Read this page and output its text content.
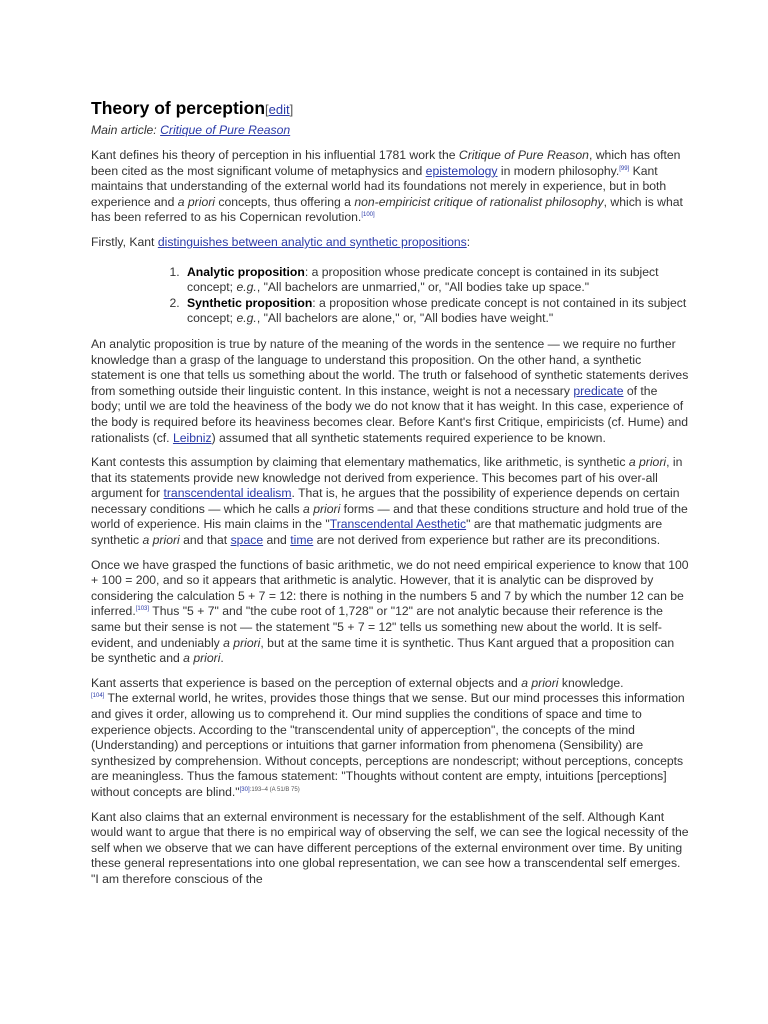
Theory of perception[edit]
Main article: Critique of Pure Reason

Kant defines his theory of perception in his influential 1781 work the Critique of Pure Reason, which has often been cited as the most significant volume of metaphysics and epistemology in modern philosophy.[99] Kant maintains that understanding of the external world had its foundations not merely in experience, but in both experience and a priori concepts, thus offering a non-empiricist critique of rationalist philosophy, which is what has been referred to as his Copernican revolution.[100]

Firstly, Kant distinguishes between analytic and synthetic propositions:

1. Analytic proposition: a proposition whose predicate concept is contained in its subject concept; e.g., "All bachelors are unmarried," or, "All bodies take up space."
2. Synthetic proposition: a proposition whose predicate concept is not contained in its subject concept; e.g., "All bachelors are alone," or, "All bodies have weight."

An analytic proposition is true by nature of the meaning of the words in the sentence — we require no further knowledge than a grasp of the language to understand this proposition. On the other hand, a synthetic statement is one that tells us something about the world. The truth or falsehood of synthetic statements derives from something outside their linguistic content. In this instance, weight is not a necessary predicate of the body; until we are told the heaviness of the body we do not know that it has weight. In this case, experience of the body is required before its heaviness becomes clear. Before Kant's first Critique, empiricists (cf. Hume) and rationalists (cf. Leibniz) assumed that all synthetic statements required experience to be known.

Kant contests this assumption by claiming that elementary mathematics, like arithmetic, is synthetic a priori, in that its statements provide new knowledge not derived from experience. This becomes part of his over-all argument for transcendental idealism. That is, he argues that the possibility of experience depends on certain necessary conditions — which he calls a priori forms — and that these conditions structure and hold true of the world of experience. His main claims in the "Transcendental Aesthetic" are that mathematic judgments are synthetic a priori and that space and time are not derived from experience but rather are its preconditions.

Once we have grasped the functions of basic arithmetic, we do not need empirical experience to know that 100 + 100 = 200, and so it appears that arithmetic is analytic. However, that it is analytic can be disproved by considering the calculation 5 + 7 = 12: there is nothing in the numbers 5 and 7 by which the number 12 can be inferred.[103] Thus "5 + 7" and "the cube root of 1,728" or "12" are not analytic because their reference is the same but their sense is not — the statement "5 + 7 = 12" tells us something new about the world. It is self-evident, and undeniably a priori, but at the same time it is synthetic. Thus Kant argued that a proposition can be synthetic and a priori.

Kant asserts that experience is based on the perception of external objects and a priori knowledge.
[104] The external world, he writes, provides those things that we sense. But our mind processes this information and gives it order, allowing us to comprehend it. Our mind supplies the conditions of space and time to experience objects. According to the "transcendental unity of apperception", the concepts of the mind (Understanding) and perceptions or intuitions that garner information from phenomena (Sensibility) are synthesized by comprehension. Without concepts, perceptions are nondescript; without perceptions, concepts are meaningless. Thus the famous statement: "Thoughts without content are empty, intuitions [perceptions] without concepts are blind."$^{[30]:193-4 (A 51/B 75)}$

Kant also claims that an external environment is necessary for the establishment of the self. Although Kant would want to argue that there is no empirical way of observing the self, we can see the logical necessity of the self when we observe that we can have different perceptions of the external environment over time. By uniting these general representations into one global representation, we can see how a transcendental self emerges. "I am therefore conscious of the
